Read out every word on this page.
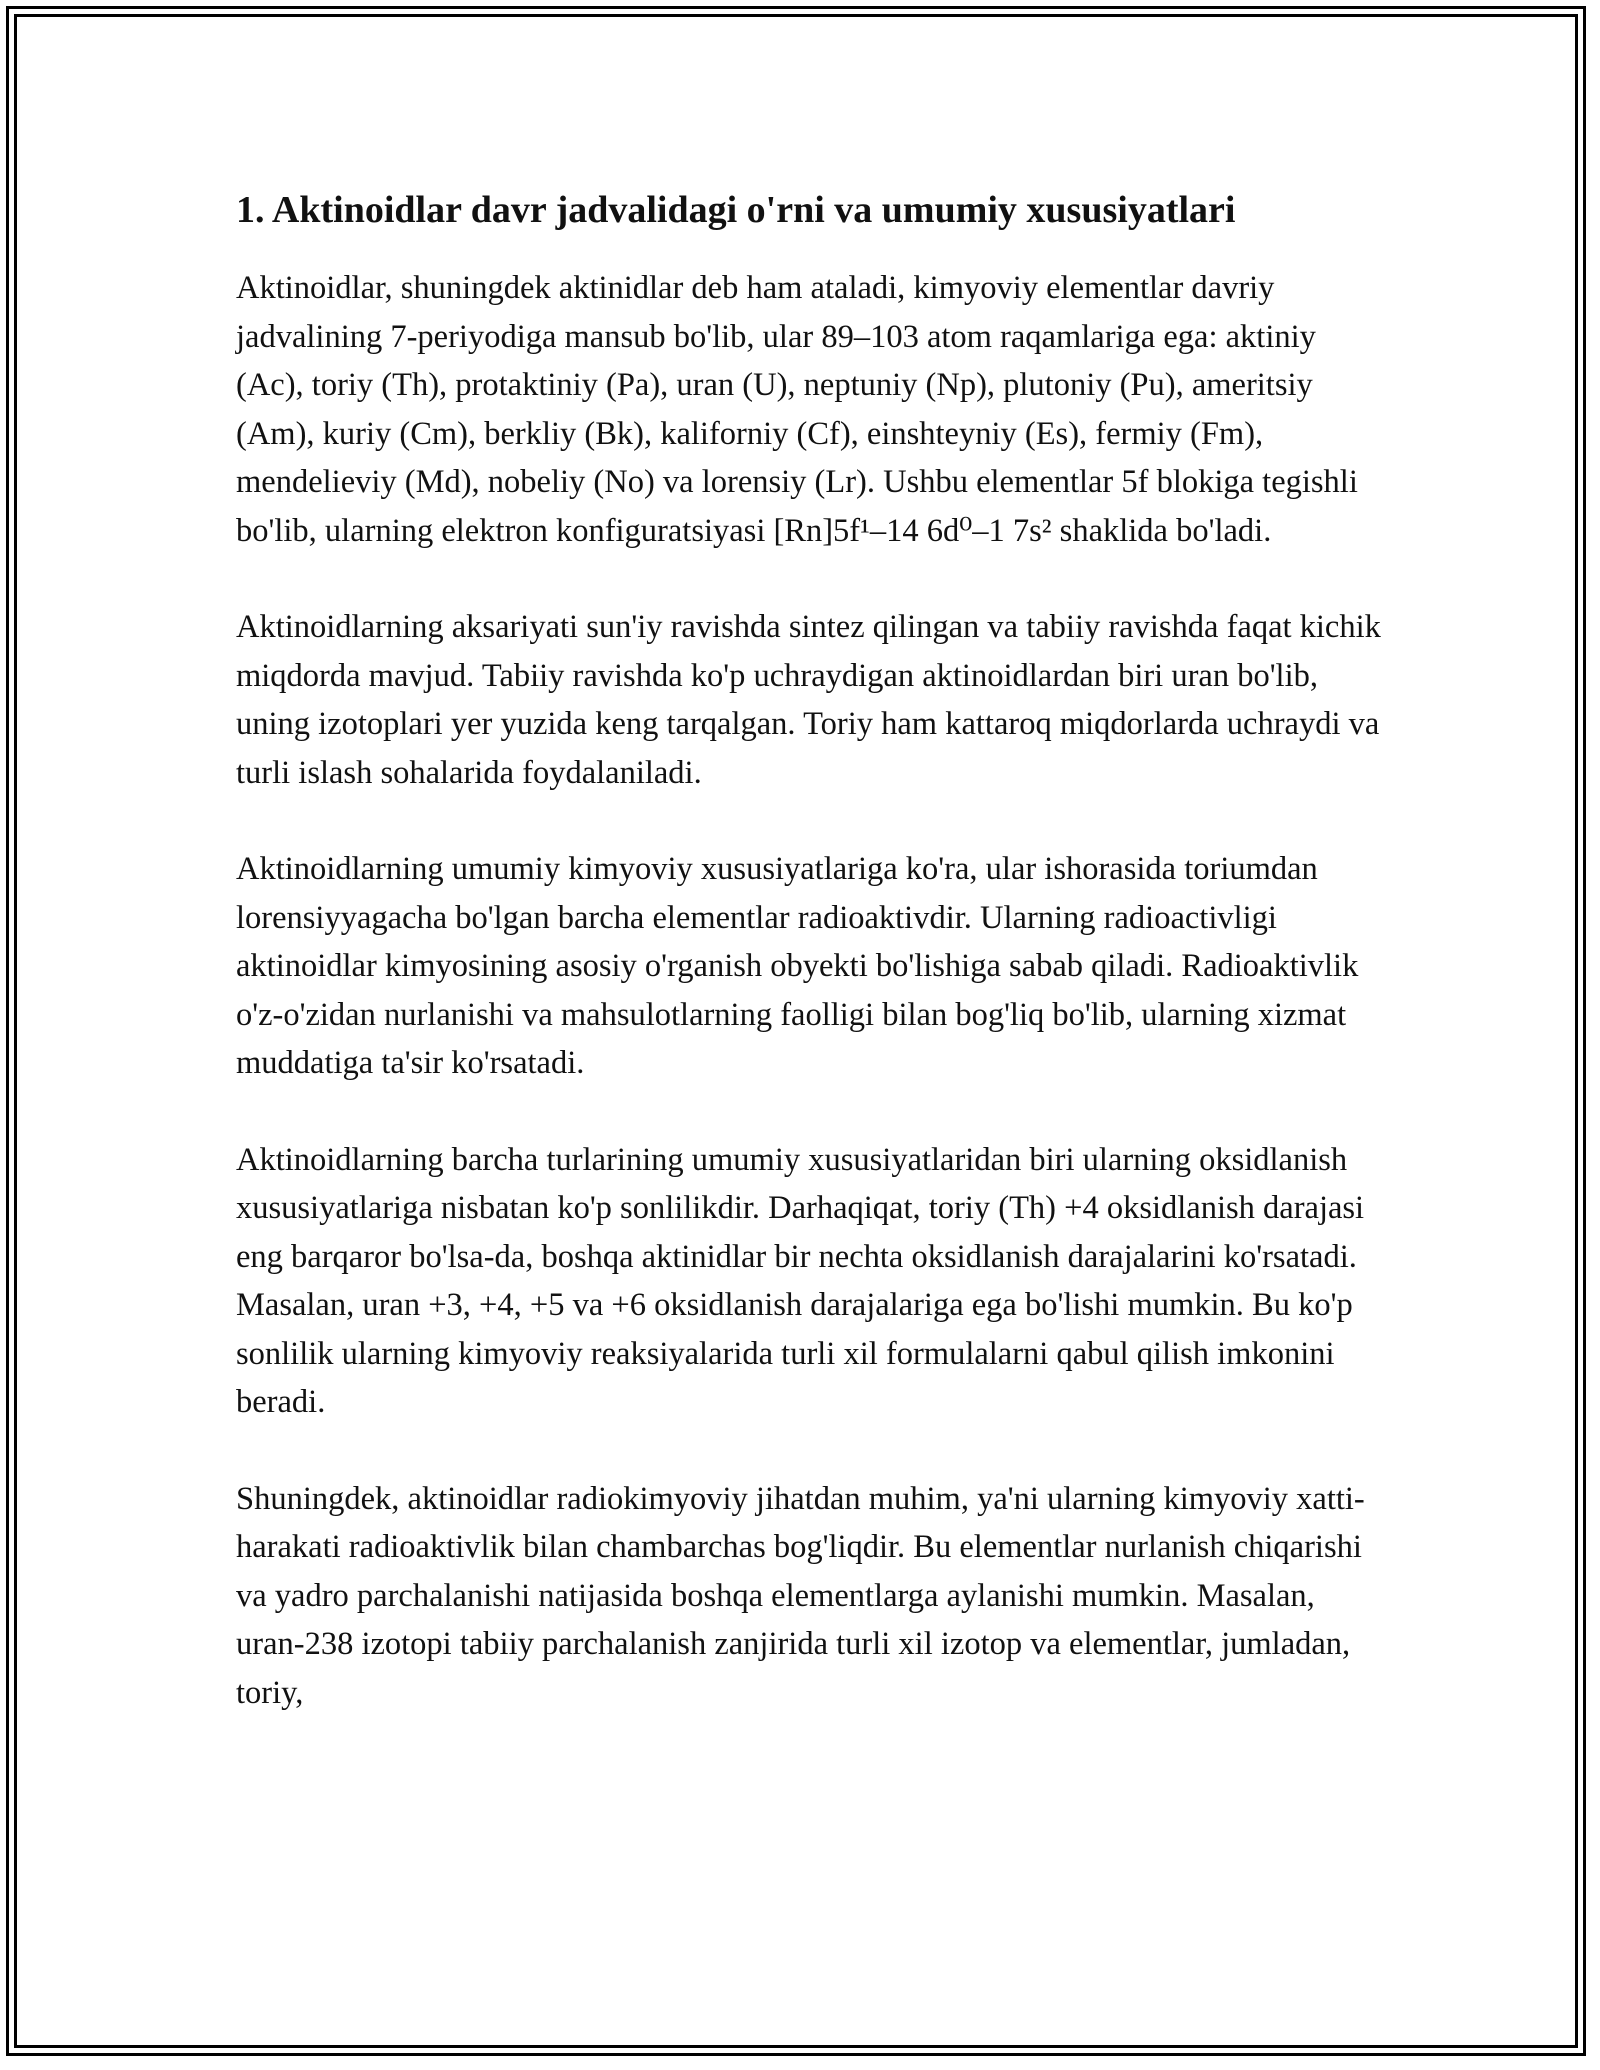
1. Aktinoidlar davr jadvalidagi o'rni va umumiy xususiyatlari

Aktinoidlar, shuningdek aktinidlar deb ham ataladi, kimyoviy elementlar davriy jadvalining 7-periyodiga mansub bo'lib, ular 89–103 atom raqamlariga ega: aktiniy (Ac), toriy (Th), protaktiniy (Pa), uran (U), neptuniy (Np), plutoniy (Pu), ameritsiy (Am), kuriy (Cm), berkliy (Bk), kaliforniy (Cf), einshteyniy (Es), fermiy (Fm), mendelieviy (Md), nobeliy (No) va lorensiy (Lr). Ushbu elementlar 5f blokiga tegishli bo'lib, ularning elektron konfiguratsiyasi [Rn]5f¹–14 6d⁰–1 7s² shaklida bo'ladi.

Aktinoidlarning aksariyati sun'iy ravishda sintez qilingan va tabiiy ravishda faqat kichik miqdorda mavjud. Tabiiy ravishda ko'p uchraydigan aktinoidlardan biri uran bo'lib, uning izotoplari yer yuzida keng tarqalgan. Toriy ham kattaroq miqdorlarda uchraydi va turli islash sohalarida foydalaniladi.

Aktinoidlarning umumiy kimyoviy xususiyatlariga ko'ra, ular ishorasida toriumdan lorensiyyagacha bo'lgan barcha elementlar radioaktivdir. Ularning radioactivligi aktinoidlar kimyosining asosiy o'rganish obyekti bo'lishiga sabab qiladi. Radioaktivlik o'z-o'zidan nurlanishi va mahsulotlarning faolligi bilan bog'liq bo'lib, ularning xizmat muddatiga ta'sir ko'rsatadi.

Aktinoidlarning barcha turlarining umumiy xususiyatlaridan biri ularning oksidlanish xususiyatlariga nisbatan ko'p sonlilikdir. Darhaqiqat, toriy (Th) +4 oksidlanish darajasi eng barqaror bo'lsa-da, boshqa aktinidlar bir nechta oksidlanish darajalarini ko'rsatadi. Masalan, uran +3, +4, +5 va +6 oksidlanish darajalariga ega bo'lishi mumkin. Bu ko'p sonlilik ularning kimyoviy reaksiyalarida turli xil formulalarni qabul qilish imkonini beradi.

Shuningdek, aktinoidlar radiokimyoviy jihatdan muhim, ya'ni ularning kimyoviy xatti-harakati radioaktivlik bilan chambarchas bog'liqdir. Bu elementlar nurlanish chiqarishi va yadro parchalanishi natijasida boshqa elementlarga aylanishi mumkin. Masalan, uran-238 izotopi tabiiy parchalanish zanjirida turli xil izotop va elementlar, jumladan, toriy,
